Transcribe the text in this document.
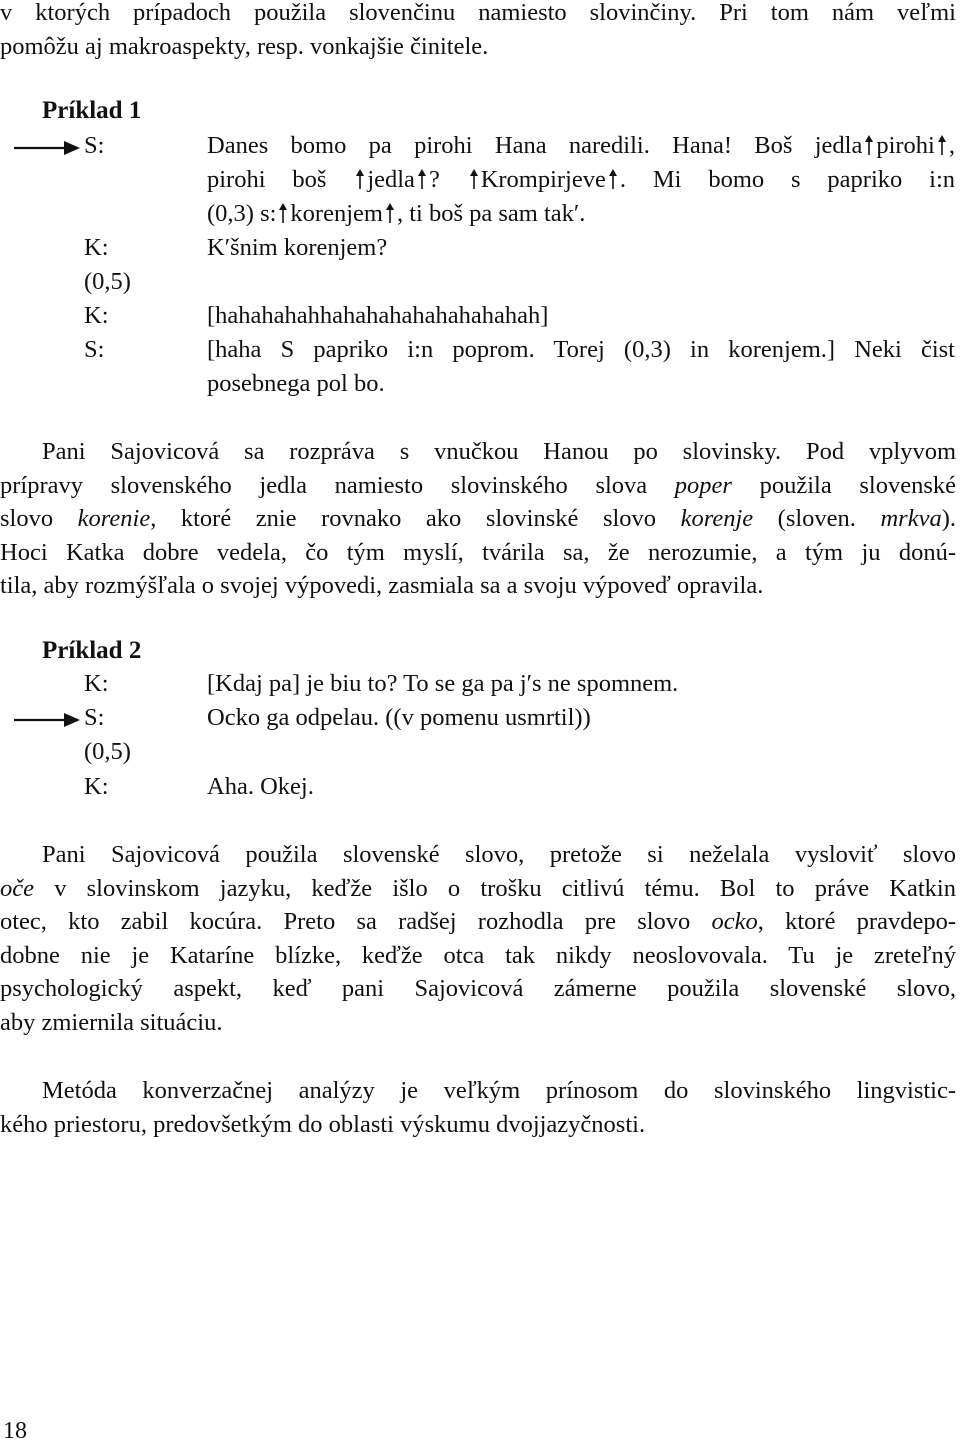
v ktorých prípadoch použila slovenčinu namiesto slovinčiny. Pri tom nám veľmi

pomôžu aj makroaspekty, resp. vonkajšie činitele.

Príklad 1
S:	Danes bomo pa pirohi Hana naredili. Hana! Boš jedla pirohi ,
pirohi boš jedla ? Krompirjeve . Mi bomo s papriko i:n
(0,3) s: korenjem , ti boš pa sam tak′.
K:	K′šnim korenjem?
(0,5)
K:	[hahahahahhahahahahahahahahah]
S:	[haha S papriko i:n poprom. Torej (0,3) in korenjem.] Neki čist
posebnega pol bo.

Pani Sajovicová sa rozpráva s vnučkou Hanou po slovinsky. Pod vplyvom

prípravy slovenského jedla namiesto slovinského slova poper použila slovenské

slovo korenie, ktoré znie rovnako ako slovinské slovo korenje (sloven. mrkva).

Hoci Katka dobre vedela, čo tým myslí, tvárila sa, že nerozumie, a tým ju donú-

tila, aby rozmýšľala o svojej výpovedi, zasmiala sa a svoju výpoveď opravila.

Príklad 2
K:	[Kdaj pa] je biu to? To se ga pa j′s ne spomnem.
S:	Ocko ga odpelau. ((v pomenu usmrtil))
(0,5)
K:	Aha. Okej.

Pani Sajovicová použila slovenské slovo, pretože si neželala vysloviť slovo

oče v slovinskom jazyku, keďže išlo o trošku citlivú tému. Bol to práve Katkin

otec, kto zabil kocúra. Preto sa radšej rozhodla pre slovo ocko, ktoré pravdepo-

dobne nie je Kataríne blízke, keďže otca tak nikdy neoslovovala. Tu je zreteľný

psychologický aspekt, keď pani Sajovicová zámerne použila slovenské slovo,

aby zmiernila situáciu.

Metóda konverzačnej analýzy je veľkým prínosom do slovinského lingvistic-

kého priestoru, predovšetkým do oblasti výskumu dvojjazyčnosti.

18
